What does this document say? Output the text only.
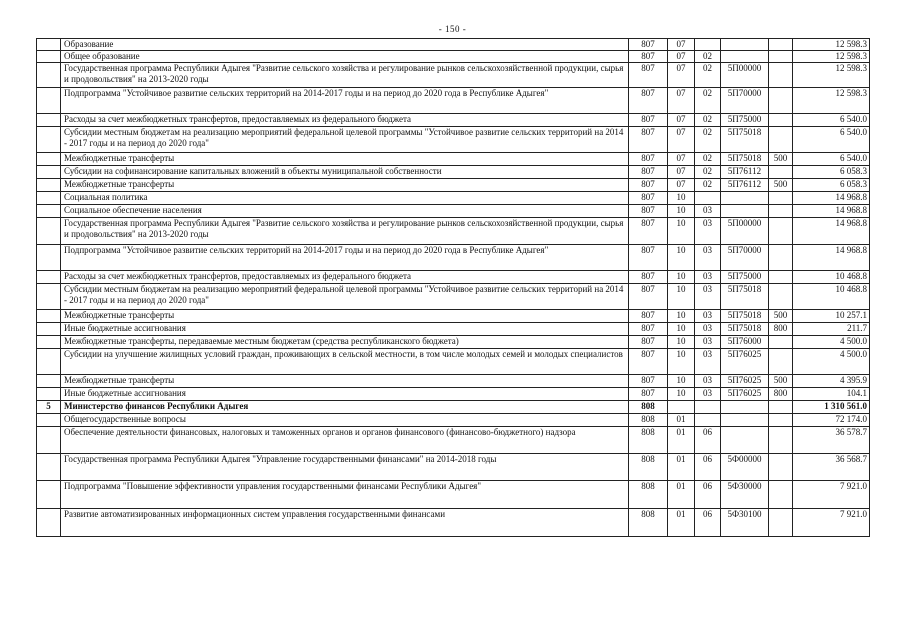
- 150 -
	Образование	807	07				12 598.3
	Общее образование	807	07	02			12 598.3
	Государственная программа Республики Адыгея "Развитие сельского хозяйства и регулирование рынков сельскохозяйственной продукции, сырья и продовольствия" на 2013-2020 годы	807	07	02	5П00000		12 598.3
	Подпрограмма "Устойчивое развитие сельских территорий на 2014-2017 годы и на период до 2020 года в Республике Адыгея"	807	07	02	5П70000		12 598.3
	Расходы за счет межбюджетных трансфертов, предоставляемых из федерального бюджета	807	07	02	5П75000		6 540.0
	Субсидии местным бюджетам на реализацию мероприятий федеральной целевой программы "Устойчивое развитие сельских территорий на 2014 - 2017 годы и на период до 2020 года"	807	07	02	5П75018		6 540.0
	Межбюджетные трансферты	807	07	02	5П75018	500	6 540.0
	Субсидии на софинансирование капитальных вложений в объекты муниципальной собственности	807	07	02	5П76112		6 058.3
	Межбюджетные трансферты	807	07	02	5П76112	500	6 058.3
	Социальная политика	807	10				14 968.8
	Социальное обеспечение населения	807	10	03			14 968.8
	Государственная программа Республики Адыгея "Развитие сельского хозяйства и регулирование рынков сельскохозяйственной продукции, сырья и продовольствия" на 2013-2020 годы	807	10	03	5П00000		14 968.8
	Подпрограмма "Устойчивое развитие сельских территорий на 2014-2017 годы и на период до 2020 года в Республике Адыгея"	807	10	03	5П70000		14 968.8
	Расходы за счет межбюджетных трансфертов, предоставляемых из федерального бюджета	807	10	03	5П75000		10 468.8
	Субсидии местным бюджетам на реализацию мероприятий федеральной целевой программы "Устойчивое развитие сельских территорий на 2014 - 2017 годы и на период до 2020 года"	807	10	03	5П75018		10 468.8
	Межбюджетные трансферты	807	10	03	5П75018	500	10 257.1
	Иные бюджетные ассигнования	807	10	03	5П75018	800	211.7
	Межбюджетные трансферты, передаваемые местным бюджетам (средства республиканского бюджета)	807	10	03	5П76000		4 500.0
	Субсидии на улучшение жилищных условий граждан, проживающих в сельской местности, в том числе молодых семей и молодых специалистов	807	10	03	5П76025		4 500.0
	Межбюджетные трансферты	807	10	03	5П76025	500	4 395.9
	Иные бюджетные ассигнования	807	10	03	5П76025	800	104.1
5	Министерство финансов Республики Адыгея	808					1 310 561.0
	Общегосударственные вопросы	808	01				72 174.0
	Обеспечение деятельности финансовых, налоговых и таможенных органов и органов финансового (финансово-бюджетного) надзора	808	01	06			36 578.7
	Государственная программа Республики Адыгея "Управление государственными финансами" на 2014-2018 годы	808	01	06	5Ф00000		36 568.7
	Подпрограмма "Повышение эффективности управления государственными финансами Республики Адыгея"	808	01	06	5Ф30000		7 921.0
	Развитие автоматизированных информационных систем управления государственными финансами	808	01	06	5Ф30100		7 921.0
